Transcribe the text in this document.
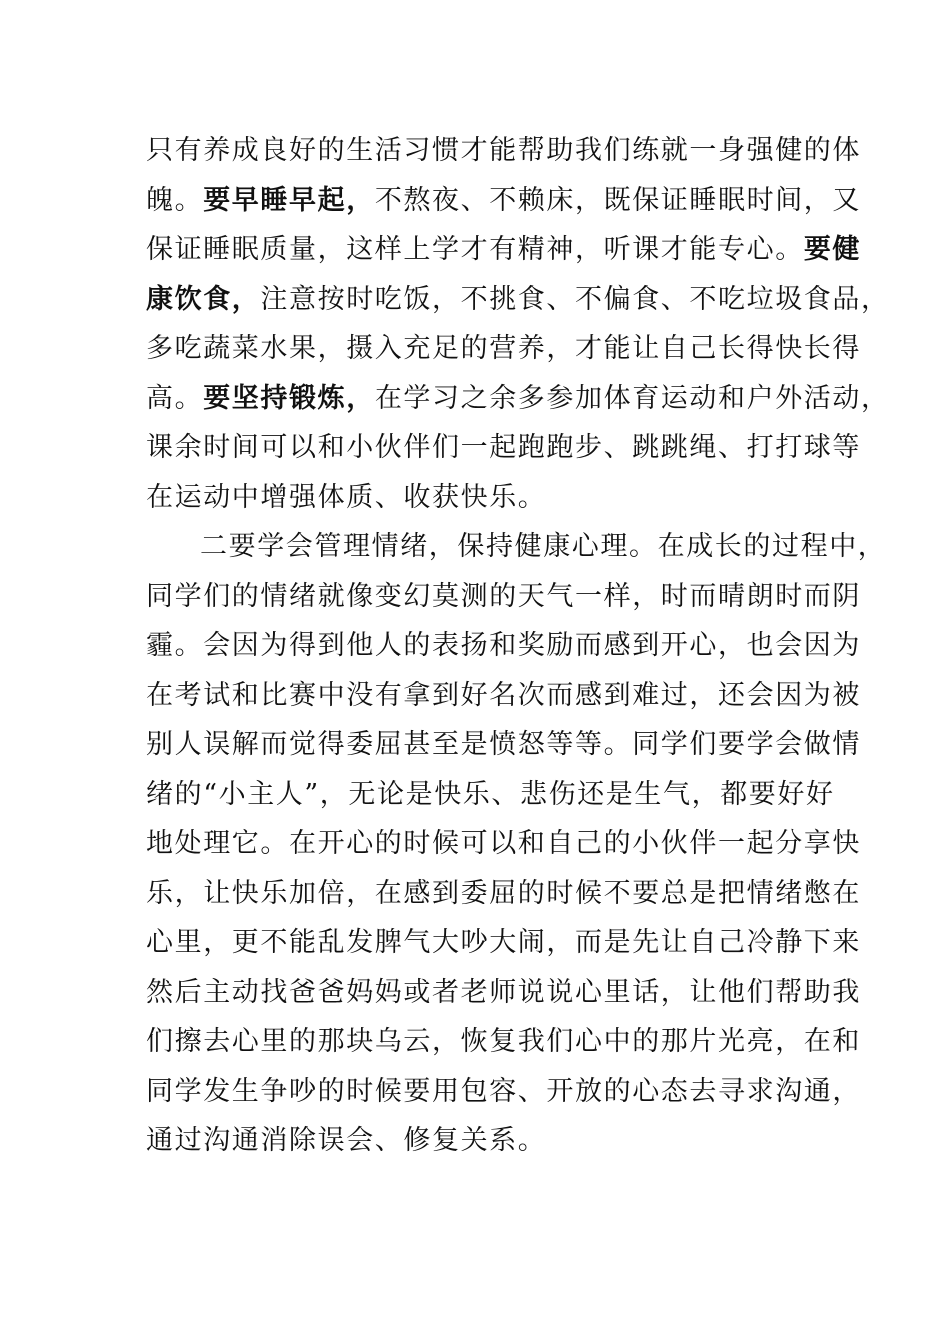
只有养成良好的生活习惯才能帮助我们练就一身强健的体
魄。要早睡早起，不熬夜、不赖床，既保证睡眠时间，又
保证睡眠质量，这样上学才有精神，听课才能专心。要健
康饮食，注意按时吃饭，不挑食、不偏食、不吃垃圾食品，
多吃蔬菜水果，摄入充足的营养，才能让自己长得快长得
高。要坚持锻炼，在学习之余多参加体育运动和户外活动，
课余时间可以和小伙伴们一起跑跑步、跳跳绳、打打球等
在运动中增强体质、收获快乐。
二要学会管理情绪，保持健康心理。在成长的过程中，
同学们的情绪就像变幻莫测的天气一样，时而晴朗时而阴
霾。会因为得到他人的表扬和奖励而感到开心，也会因为
在考试和比赛中没有拿到好名次而感到难过，还会因为被
别人误解而觉得委屈甚至是愤怒等等。同学们要学会做情
绪的“小主人”，无论是快乐、悲伤还是生气，都要好好
地处理它。在开心的时候可以和自己的小伙伴一起分享快
乐，让快乐加倍，在感到委屈的时候不要总是把情绪憋在
心里，更不能乱发脾气大吵大闹，而是先让自己冷静下来
然后主动找爸爸妈妈或者老师说说心里话，让他们帮助我
们擦去心里的那块乌云，恢复我们心中的那片光亮，在和
同学发生争吵的时候要用包容、开放的心态去寻求沟通，
通过沟通消除误会、修复关系。
